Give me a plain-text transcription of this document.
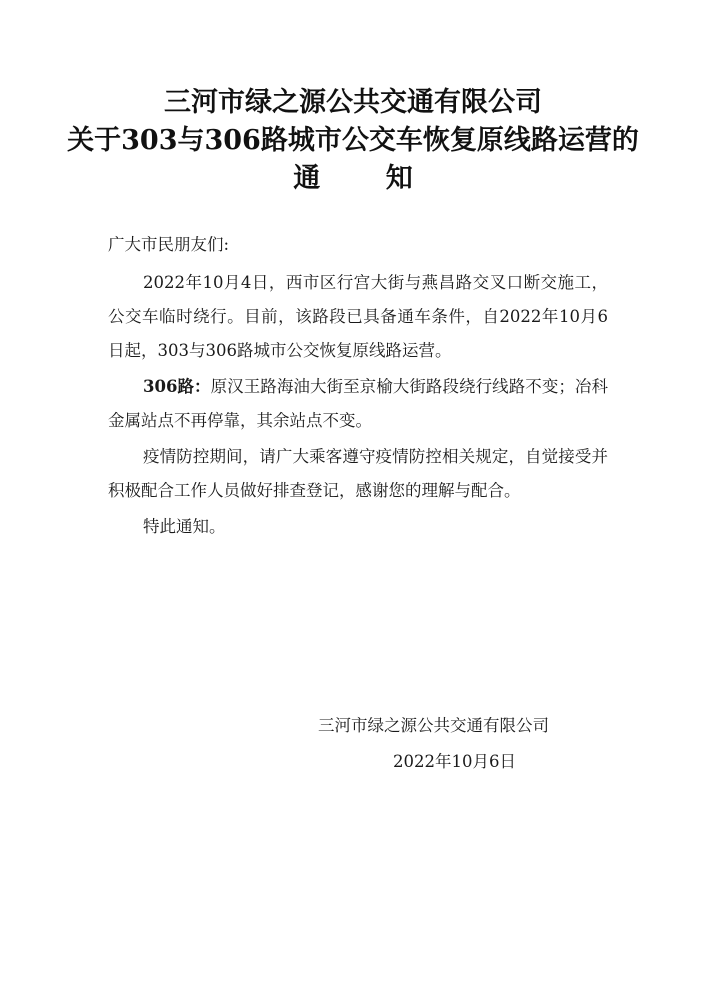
三河市绿之源公共交通有限公司
关于303与306路城市公交车恢复原线路运营的
通 知
广大市民朋友们:

2022年10月4日，西市区行宫大街与燕昌路交叉口断交施工，公交车临时绕行。目前，该路段已具备通车条件，自2022年10月6日起，303与306路城市公交恢复原线路运营。

306路：原汉王路海油大街至京榆大街路段绕行线路不变；冶科金属站点不再停靠，其余站点不变。

疫情防控期间，请广大乘客遵守疫情防控相关规定，自觉接受并积极配合工作人员做好排查登记，感谢您的理解与配合。

特此通知。
三河市绿之源公共交通有限公司
2022年10月6日
